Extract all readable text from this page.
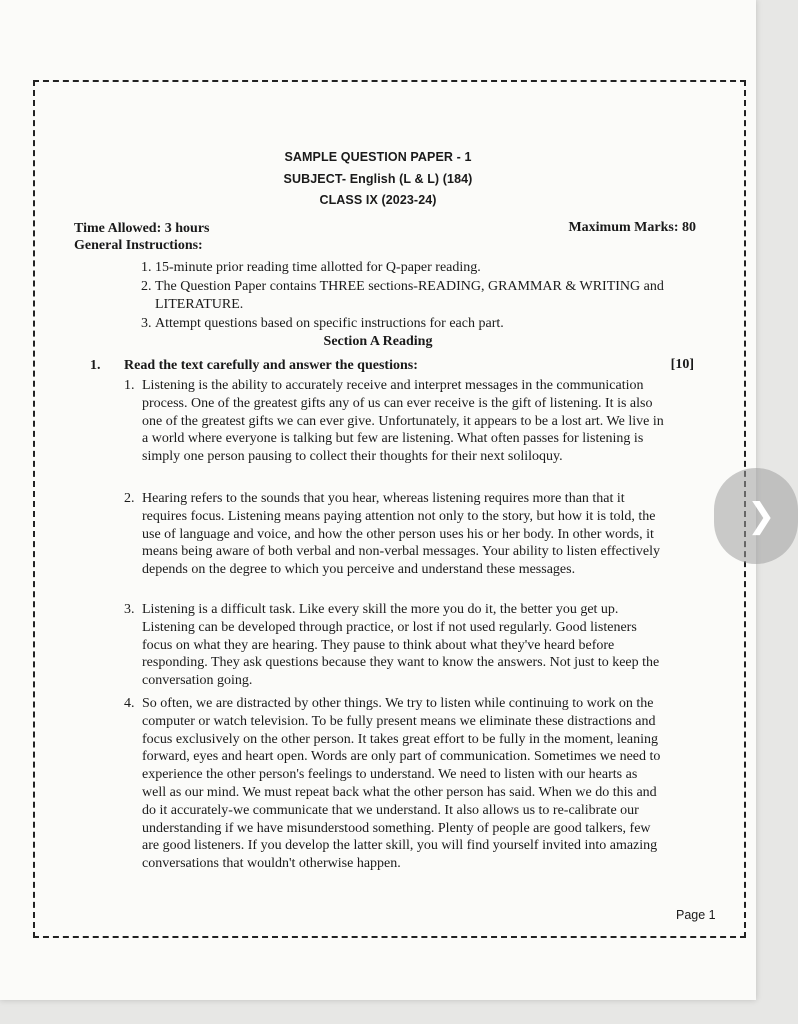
SAMPLE QUESTION PAPER - 1
SUBJECT- English (L & L) (184)
CLASS IX (2023-24)
Time Allowed: 3 hours	Maximum Marks: 80
General Instructions:
1. 15-minute prior reading time allotted for Q-paper reading.
2. The Question Paper contains THREE sections-READING, GRAMMAR & WRITING and LITERATURE.
3. Attempt questions based on specific instructions for each part.
Section A Reading
1. Read the text carefully and answer the questions:	[10]
1. Listening is the ability to accurately receive and interpret messages in the communication process. One of the greatest gifts any of us can ever receive is the gift of listening. It is also one of the greatest gifts we can ever give. Unfortunately, it appears to be a lost art. We live in a world where everyone is talking but few are listening. What often passes for listening is simply one person pausing to collect their thoughts for their next soliloquy.
2. Hearing refers to the sounds that you hear, whereas listening requires more than that it requires focus. Listening means paying attention not only to the story, but how it is told, the use of language and voice, and how the other person uses his or her body. In other words, it means being aware of both verbal and non-verbal messages. Your ability to listen effectively depends on the degree to which you perceive and understand these messages.
3. Listening is a difficult task. Like every skill the more you do it, the better you get up. Listening can be developed through practice, or lost if not used regularly. Good listeners focus on what they are hearing. They pause to think about what they've heard before responding. They ask questions because they want to know the answers. Not just to keep the conversation going.
4. So often, we are distracted by other things. We try to listen while continuing to work on the computer or watch television. To be fully present means we eliminate these distractions and focus exclusively on the other person. It takes great effort to be fully in the moment, leaning forward, eyes and heart open. Words are only part of communication. Sometimes we need to experience the other person's feelings to understand. We need to listen with our hearts as well as our mind. We must repeat back what the other person has said. When we do this and do it accurately-we communicate that we understand. It also allows us to re-calibrate our understanding if we have misunderstood something. Plenty of people are good talkers, few are good listeners. If you develop the latter skill, you will find yourself invited into amazing conversations that wouldn't otherwise happen.
Page 1
❯
